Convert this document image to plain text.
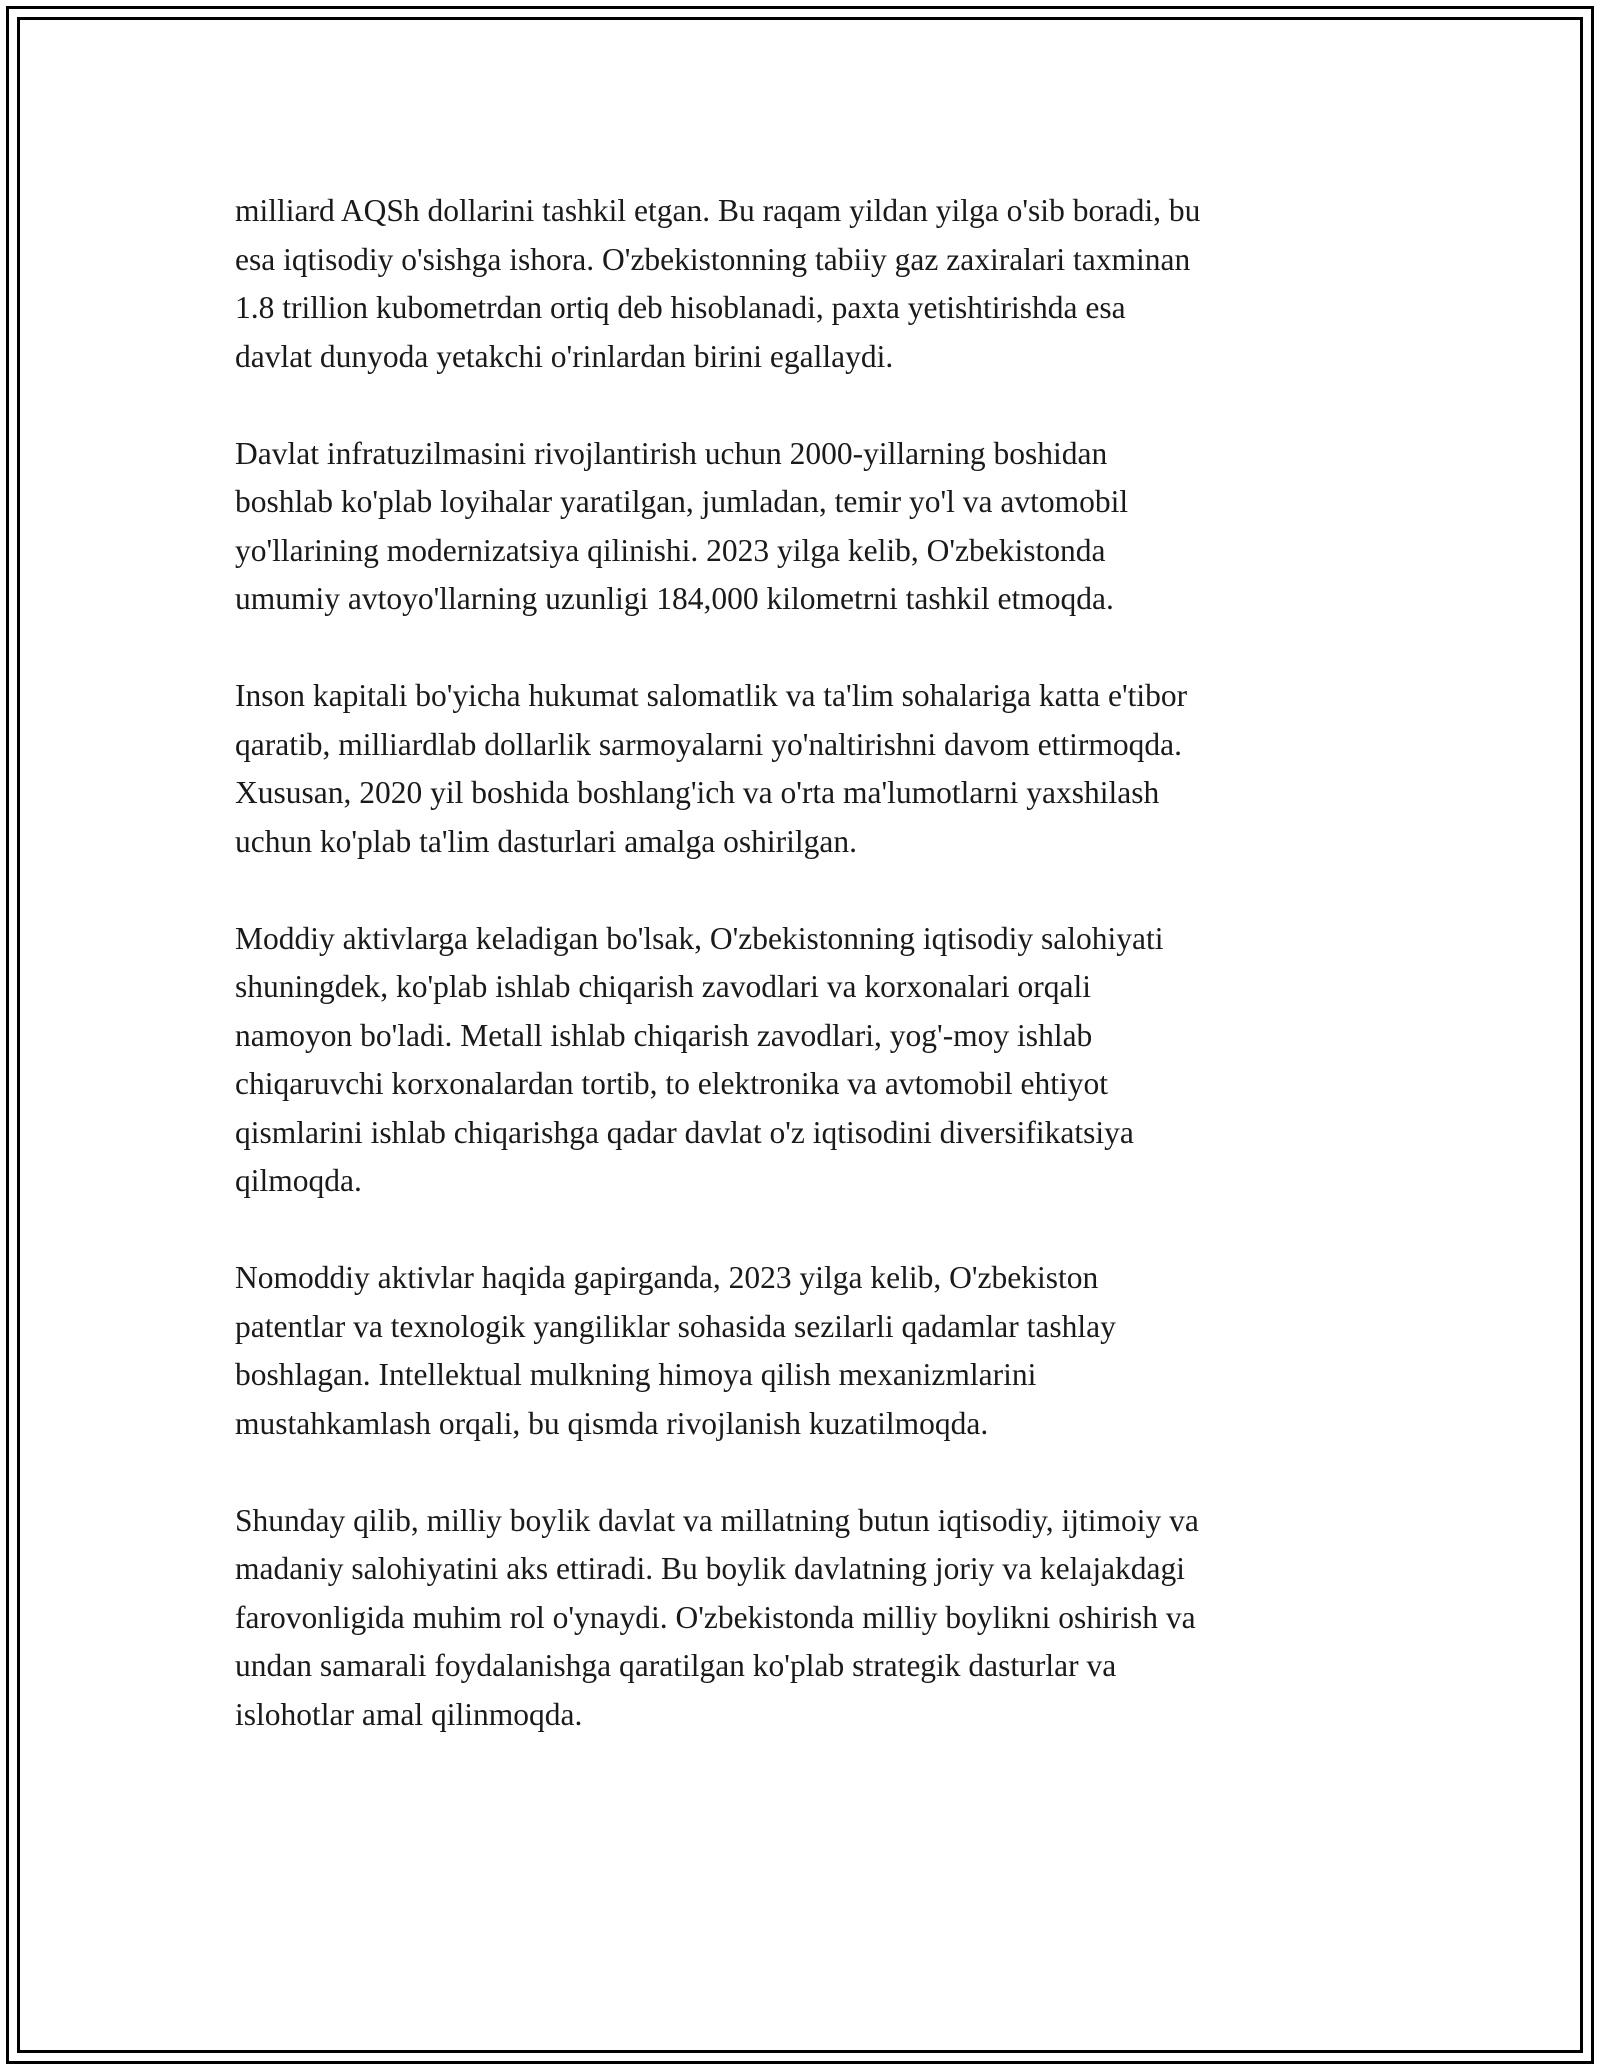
milliard AQSh dollarini tashkil etgan. Bu raqam yildan yilga o'sib boradi, bu
esa iqtisodiy o'sishga ishora. O'zbekistonning tabiiy gaz zaxiralari taxminan
1.8 trillion kubometrdan ortiq deb hisoblanadi, paxta yetishtirishda esa
davlat dunyoda yetakchi o'rinlardan birini egallaydi.
Davlat infratuzilmasini rivojlantirish uchun 2000-yillarning boshidan
boshlab ko'plab loyihalar yaratilgan, jumladan, temir yo'l va avtomobil
yo'llarining modernizatsiya qilinishi. 2023 yilga kelib, O'zbekistonda
umumiy avtoyo'llarning uzunligi 184,000 kilometrni tashkil etmoqda.
Inson kapitali bo'yicha hukumat salomatlik va ta'lim sohalariga katta e'tibor
qaratib, milliardlab dollarlik sarmoyalarni yo'naltirishni davom ettirmoqda.
Xususan, 2020 yil boshida boshlang'ich va o'rta ma'lumotlarni yaxshilash
uchun ko'plab ta'lim dasturlari amalga oshirilgan.
Moddiy aktivlarga keladigan bo'lsak, O'zbekistonning iqtisodiy salohiyati
shuningdek, ko'plab ishlab chiqarish zavodlari va korxonalari orqali
namoyon bo'ladi. Metall ishlab chiqarish zavodlari, yog'-moy ishlab
chiqaruvchi korxonalardan tortib, to elektronika va avtomobil ehtiyot
qismlarini ishlab chiqarishga qadar davlat o'z iqtisodini diversifikatsiya
qilmoqda.
Nomoddiy aktivlar haqida gapirganda, 2023 yilga kelib, O'zbekiston
patentlar va texnologik yangiliklar sohasida sezilarli qadamlar tashlay
boshlagan. Intellektual mulkning himoya qilish mexanizmlarini
mustahkamlash orqali, bu qismda rivojlanish kuzatilmoqda.
Shunday qilib, milliy boylik davlat va millatning butun iqtisodiy, ijtimoiy va
madaniy salohiyatini aks ettiradi. Bu boylik davlatning joriy va kelajakdagi
farovonligida muhim rol o'ynaydi. O'zbekistonda milliy boylikni oshirish va
undan samarali foydalanishga qaratilgan ko'plab strategik dasturlar va
islohotlar amal qilinmoqda.
